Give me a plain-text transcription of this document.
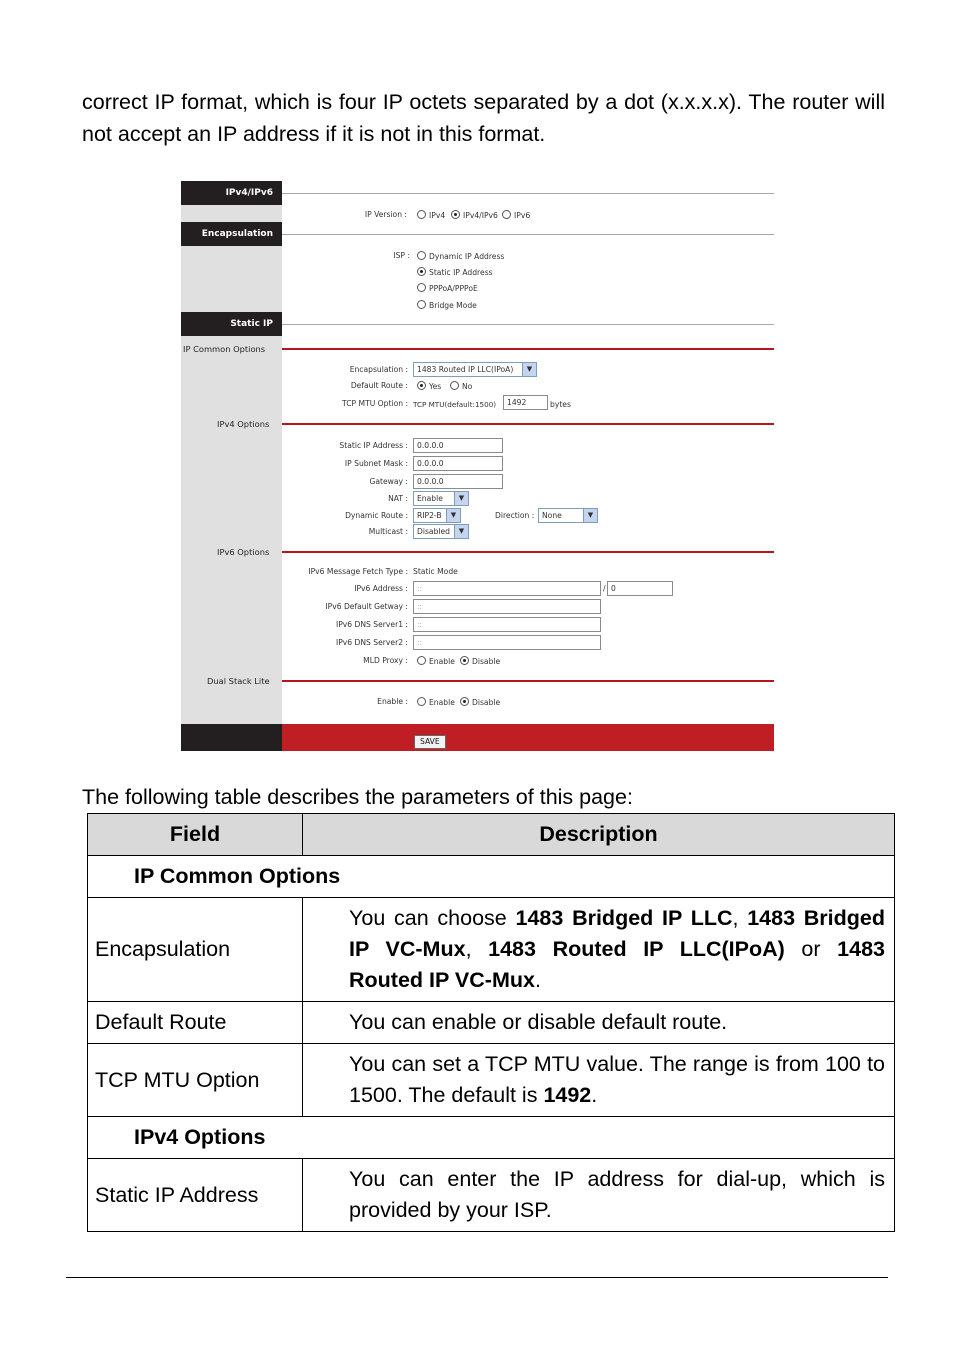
correct IP format, which is four IP octets separated by a dot (x.x.x.x). The router will not accept an IP address if it is not in this format.
IPv4/IPv6
IP Version :	IPv4 IPv4/IPv6 IPv6
Encapsulation
ISP :	Dynamic IP Address
Static IP Address
PPPoA/PPPoE
Bridge Mode
Static IP
IP Common Options
Encapsulation :	1483 Routed IP LLC(IPoA)	▼
Default Route :	Yes	No
TCP MTU Option : TCP MTU(default:1500)	1492	bytes
IPv4 Options
Static IP Address :	0.0.0.0
IP Subnet Mask :	0.0.0.0
Gateway :	0.0.0.0
NAT :	Enable	▼
Dynamic Route :	RIP2-B	▼	Direction :	None	▼
Multicast :	Disabled	▼
IPv6 Options
IPv6 Message Fetch Type : Static Mode
IPv6 Address :	::	/ 0
IPv6 Default Getway :	::
IPv6 DNS Server1 :	::
IPv6 DNS Server2 :	::
MLD Proxy :	Enable Disable
Dual Stack Lite
Enable :	Enable Disable
SAVE
The following table describes the parameters of this page:
Field	Description
IP Common Options	
Encapsulation	You can choose 1483 Bridged IP LLC, 1483 Bridged IP VC-Mux, 1483 Routed IP LLC(IPoA) or 1483 Routed IP VC-Mux.
Default Route	You can enable or disable default route.
TCP MTU Option	You can set a TCP MTU value. The range is from 100 to 1500. The default is 1492.
IPv4 Options	
Static IP Address	You can enter the IP address for dial-up, which is provided by your ISP.
